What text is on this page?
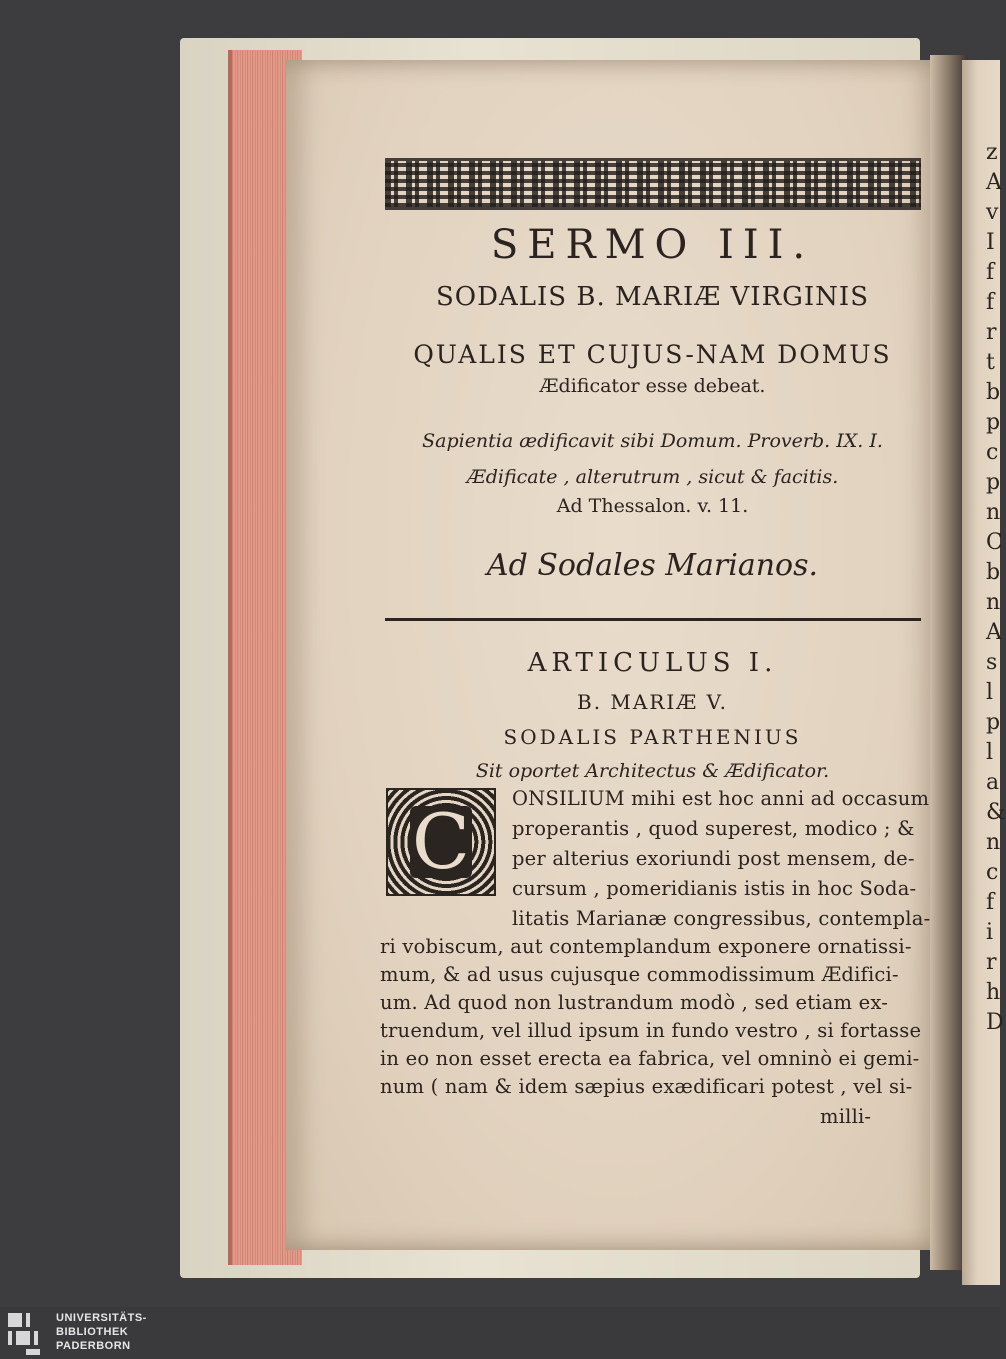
z
A
v
I
f
f
r
t
b
p
c
p
n
C
b
n
A
s
l
p
l
a
&
n
c
f
i
r
h
D
SERMO III.
SODALIS B. MARIÆ VIRGINIS
QUALIS ET CUJUS-NAM DOMUS
Ædificator esse debeat.
Sapientia ædificavit sibi Domum. Proverb. IX. I.
Ædificate , alterutrum , sicut & facitis.
Ad Thessalon. v. 11.
Ad Sodales Marianos.
ARTICULUS I.
B. MARIÆ V.
SODALIS PARTHENIUS
Sit oportet Architectus & Ædificator.
C ONSILIUM mihi est hoc anni ad occasum
properantis , quod superest, modico ; &
per alterius exoriundi post mensem, de-
cursum , pomeridianis istis in hoc Soda-
litatis Marianæ congressibus, contempla-
ri vobiscum, aut contemplandum exponere ornatissi-
mum, & ad usus cujusque commodissimum Ædifici-
um. Ad quod non lustrandum modò , sed etiam ex-
truendum, vel illud ipsum in fundo vestro , si fortasse
in eo non esset erecta ea fabrica, vel omninò ei gemi-
num ( nam & idem sæpius exædificari potest , vel si-
milli-
UNIVERSITÄTS-
BIBLIOTHEK
PADERBORN
